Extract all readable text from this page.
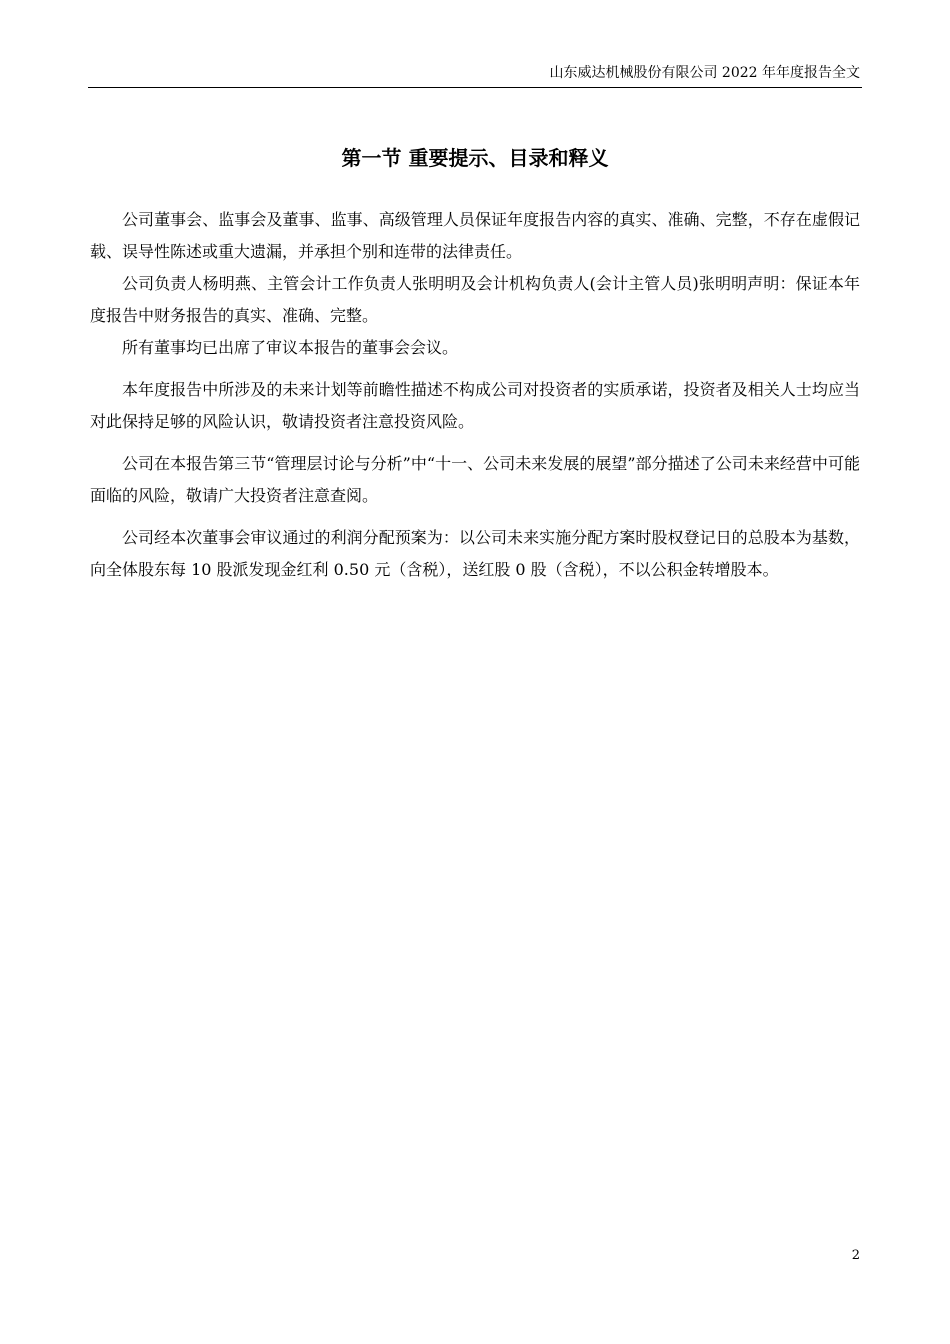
山东威达机械股份有限公司 2022 年年度报告全文
第一节 重要提示、目录和释义

公司董事会、监事会及董事、监事、高级管理人员保证年度报告内容的真实、准确、完整，不存在虚假记载、误导性陈述或重大遗漏，并承担个别和连带的法律责任。

公司负责人杨明燕、主管会计工作负责人张明明及会计机构负责人(会计主管人员)张明明声明：保证本年度报告中财务报告的真实、准确、完整。

所有董事均已出席了审议本报告的董事会会议。

本年度报告中所涉及的未来计划等前瞻性描述不构成公司对投资者的实质承诺，投资者及相关人士均应当对此保持足够的风险认识，敬请投资者注意投资风险。

公司在本报告第三节“管理层讨论与分析”中“十一、公司未来发展的展望”部分描述了公司未来经营中可能面临的风险，敬请广大投资者注意查阅。

公司经本次董事会审议通过的利润分配预案为：以公司未来实施分配方案时股权登记日的总股本为基数，向全体股东每 10 股派发现金红利 0.50 元（含税），送红股 0 股（含税），不以公积金转增股本。

2
